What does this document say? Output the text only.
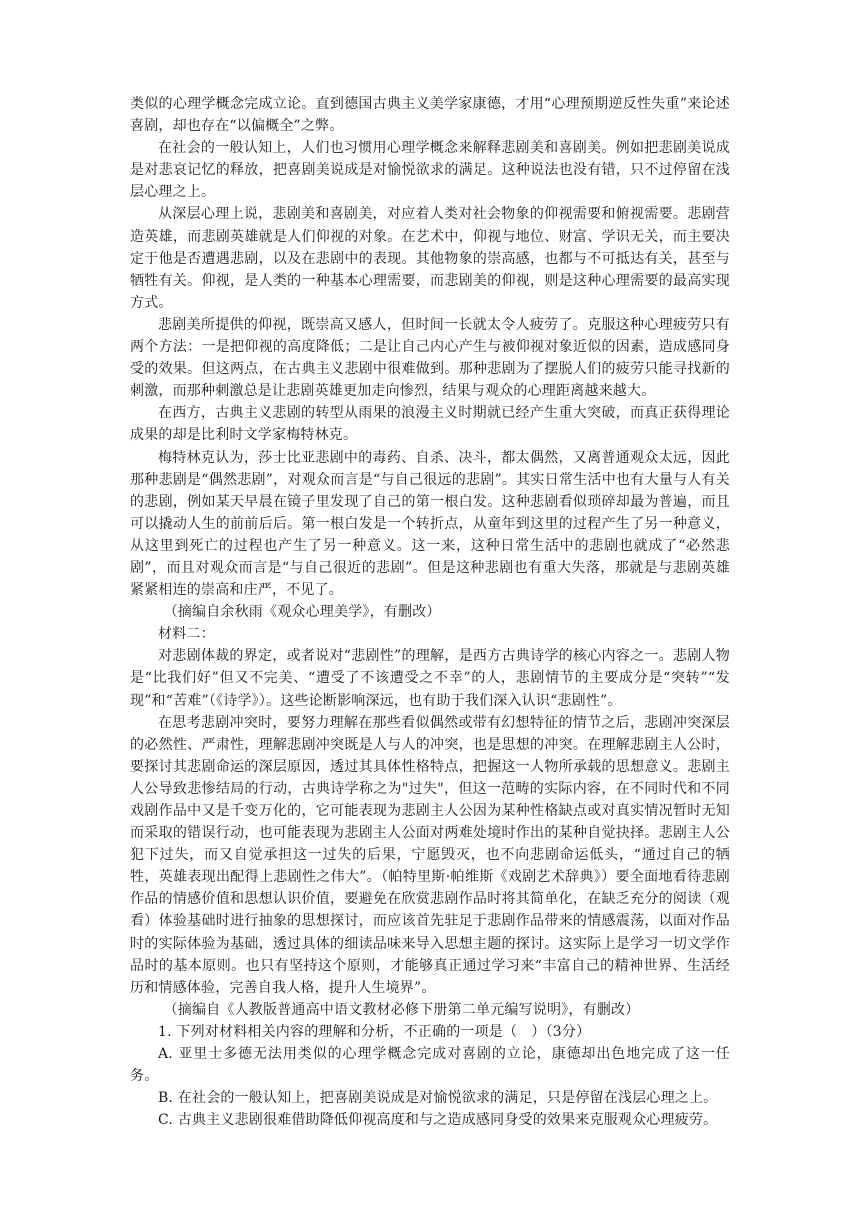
类似的心理学概念完成立论。直到德国古典主义美学家康德，才用“心理预期逆反性失重”来论述喜剧，却也存在“以偏概全”之弊。

在社会的一般认知上，人们也习惯用心理学概念来解释悲剧美和喜剧美。例如把悲剧美说成是对悲哀记忆的释放，把喜剧美说成是对愉悦欲求的满足。这种说法也没有错，只不过停留在浅层心理之上。

从深层心理上说，悲剧美和喜剧美，对应着人类对社会物象的仰视需要和俯视需要。悲剧营造英雄，而悲剧英雄就是人们仰视的对象。在艺术中，仰视与地位、财富、学识无关，而主要决定于他是否遭遇悲剧，以及在悲剧中的表现。其他物象的崇高感，也都与不可抵达有关，甚至与牺牲有关。仰视，是人类的一种基本心理需要，而悲剧美的仰视，则是这种心理需要的最高实现方式。

悲剧美所提供的仰视，既崇高又感人，但时间一长就太令人疲劳了。克服这种心理疲劳只有两个方法：一是把仰视的高度降低；二是让自己内心产生与被仰视对象近似的因素，造成感同身受的效果。但这两点，在古典主义悲剧中很难做到。那种悲剧为了摆脱人们的疲劳只能寻找新的刺激，而那种刺激总是让悲剧英雄更加走向惨烈，结果与观众的心理距离越来越大。

在西方，古典主义悲剧的转型从雨果的浪漫主义时期就已经产生重大突破，而真正获得理论成果的却是比利时文学家梅特林克。

梅特林克认为，莎士比亚悲剧中的毒药、自杀、决斗，都太偶然，又离普通观众太远，因此那种悲剧是“偶然悲剧”，对观众而言是“与自己很远的悲剧”。其实日常生活中也有大量与人有关的悲剧，例如某天早晨在镜子里发现了自己的第一根白发。这种悲剧看似琐碎却最为普遍，而且可以撬动人生的前前后后。第一根白发是一个转折点，从童年到这里的过程产生了另一种意义，从这里到死亡的过程也产生了另一种意义。这一来，这种日常生活中的悲剧也就成了“必然悲剧”，而且对观众而言是“与自己很近的悲剧”。但是这种悲剧也有重大失落，那就是与悲剧英雄紧紧相连的崇高和庄严，不见了。

（摘编自余秋雨《观众心理美学》，有删改）

材料二：

对悲剧体裁的界定，或者说对“悲剧性”的理解，是西方古典诗学的核心内容之一。悲剧人物是“比我们好”但又不完美、“遭受了不该遭受之不幸”的人，悲剧情节的主要成分是“突转”“发现”和“苦难”（《诗学》）。这些论断影响深远，也有助于我们深入认识“悲剧性”。

在思考悲剧冲突时，要努力理解在那些看似偶然或带有幻想特征的情节之后，悲剧冲突深层的必然性、严肃性，理解悲剧冲突既是人与人的冲突，也是思想的冲突。在理解悲剧主人公时，要探讨其悲剧命运的深层原因，透过其具体性格特点，把握这一人物所承载的思想意义。悲剧主人公导致悲惨结局的行动，古典诗学称之为"过失"，但这一范畴的实际内容，在不同时代和不同戏剧作品中又是千变万化的，它可能表现为悲剧主人公因为某种性格缺点或对真实情况暂时无知而采取的错误行动，也可能表现为悲剧主人公面对两难处境时作出的某种自觉抉择。悲剧主人公犯下过失，而又自觉承担这一过失的后果，宁愿毁灭，也不向悲剧命运低头，“通过自己的牺牲，英雄表现出配得上悲剧性之伟大”。（帕特里斯·帕维斯《戏剧艺术辞典》）要全面地看待悲剧作品的情感价值和思想认识价值，要避免在欣赏悲剧作品时将其简单化，在缺乏充分的阅读（观看）体验基础时进行抽象的思想探讨，而应该首先驻足于悲剧作品带来的情感震荡，以面对作品时的实际体验为基础，透过具体的细读品味来导入思想主题的探讨。这实际上是学习一切文学作品时的基本原则。也只有坚持这个原则，才能够真正通过学习来“丰富自己的精神世界、生活经历和情感体验，完善自我人格，提升人生境界”。

（摘编自《人教版普通高中语文教材必修下册第二单元编写说明》，有删改）

1. 下列对材料相关内容的理解和分析，不正确的一项是（　）（3分）

A. 亚里士多德无法用类似的心理学概念完成对喜剧的立论，康德却出色地完成了这一任务。

B. 在社会的一般认知上，把喜剧美说成是对愉悦欲求的满足，只是停留在浅层心理之上。

C. 古典主义悲剧很难借助降低仰视高度和与之造成感同身受的效果来克服观众心理疲劳。
